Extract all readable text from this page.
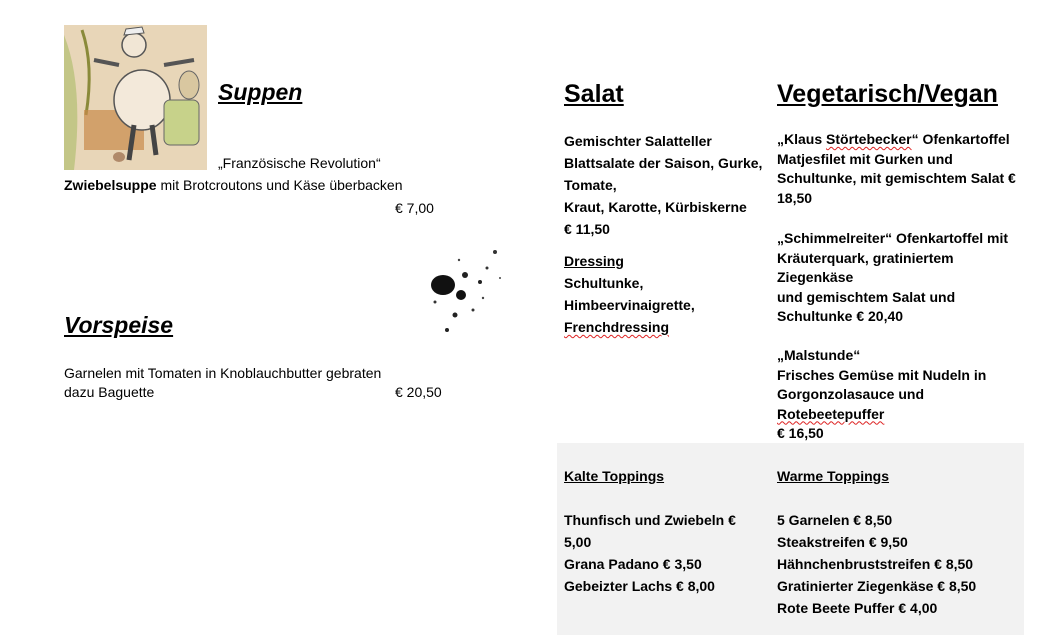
Suppen
„Französische Revolution“
Zwiebelsuppe mit Brotcroutons und Käse überbacken
€ 7,00
Vorspeise
Garnelen mit Tomaten in Knoblauchbutter gebraten
dazu Baguette	€ 20,50
Salat
Gemischter Salatteller
Blattsalate der Saison, Gurke,
Tomate,
Kraut, Karotte, Kürbiskerne
€ 11,50
Dressing
Schultunke,
Himbeervinaigrette,
Frenchdressing
Vegetarisch/Vegan
„Klaus Störtebecker“ Ofenkartoffel
Matjesfilet mit Gurken und
Schultunke, mit gemischtem Salat €
18,50
„Schimmelreiter“ Ofenkartoffel mit
Kräuterquark, gratiniertem
Ziegenkäse
und gemischtem Salat und
Schultunke € 20,40
„Malstunde“
Frisches Gemüse mit Nudeln in
Gorgonzolasauce und
Rotebeetepuffer
€ 16,50
Kalte Toppings
Thunfisch und Zwiebeln €
5,00
Grana Padano € 3,50
Gebeizter Lachs € 8,00
Warme Toppings
5 Garnelen € 8,50
Steakstreifen € 9,50
Hähnchenbruststreifen € 8,50
Gratinierter Ziegenkäse € 8,50
Rote Beete Puffer € 4,00
